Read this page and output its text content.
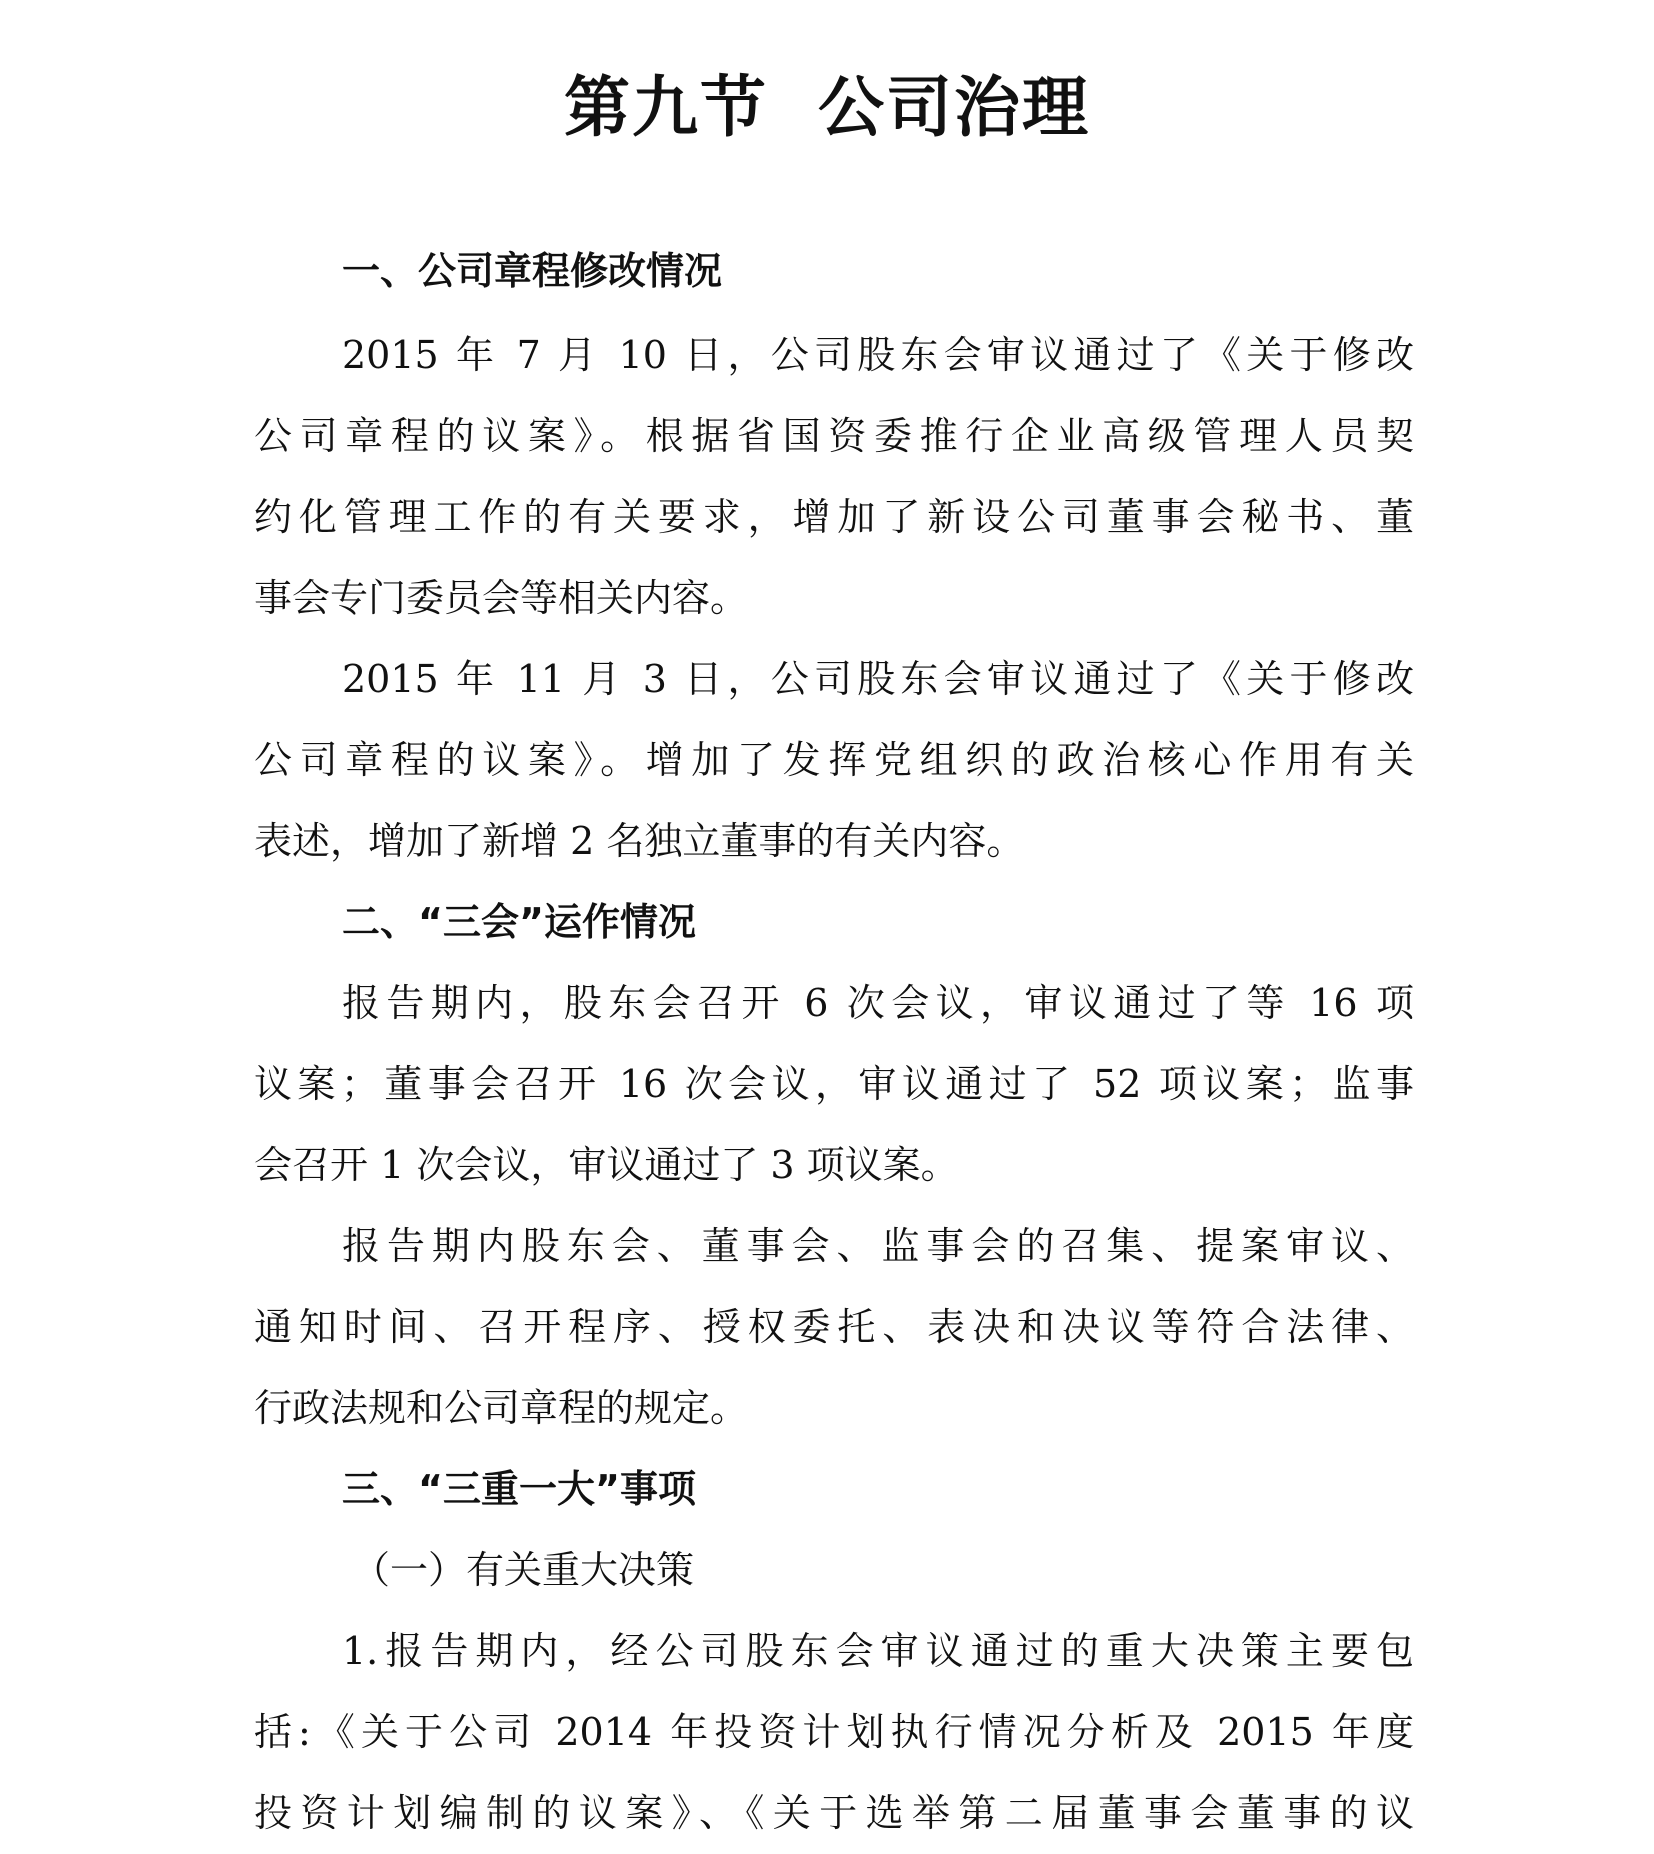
第九节  公司治理
一、公司章程修改情况
2015 年 7 月 10 日，公司股东会审议通过了《关于修改
公司章程的议案》。根据省国资委推行企业高级管理人员契
约化管理工作的有关要求，增加了新设公司董事会秘书、董
事会专门委员会等相关内容。
2015 年 11 月 3 日，公司股东会审议通过了《关于修改
公司章程的议案》。增加了发挥党组织的政治核心作用有关
表述，增加了新增 2 名独立董事的有关内容。
二、“三会”运作情况
报告期内，股东会召开 6 次会议，审议通过了等 16 项
议案；董事会召开 16 次会议，审议通过了 52 项议案；监事
会召开 1 次会议，审议通过了 3 项议案。
报告期内股东会、董事会、监事会的召集、提案审议、
通知时间、召开程序、授权委托、表决和决议等符合法律、
行政法规和公司章程的规定。
三、“三重一大”事项
（一）有关重大决策
1.报告期内，经公司股东会审议通过的重大决策主要包
括:《关于公司 2014 年投资计划执行情况分析及 2015 年度
投资计划编制的议案》、《关于选举第二届董事会董事的议
